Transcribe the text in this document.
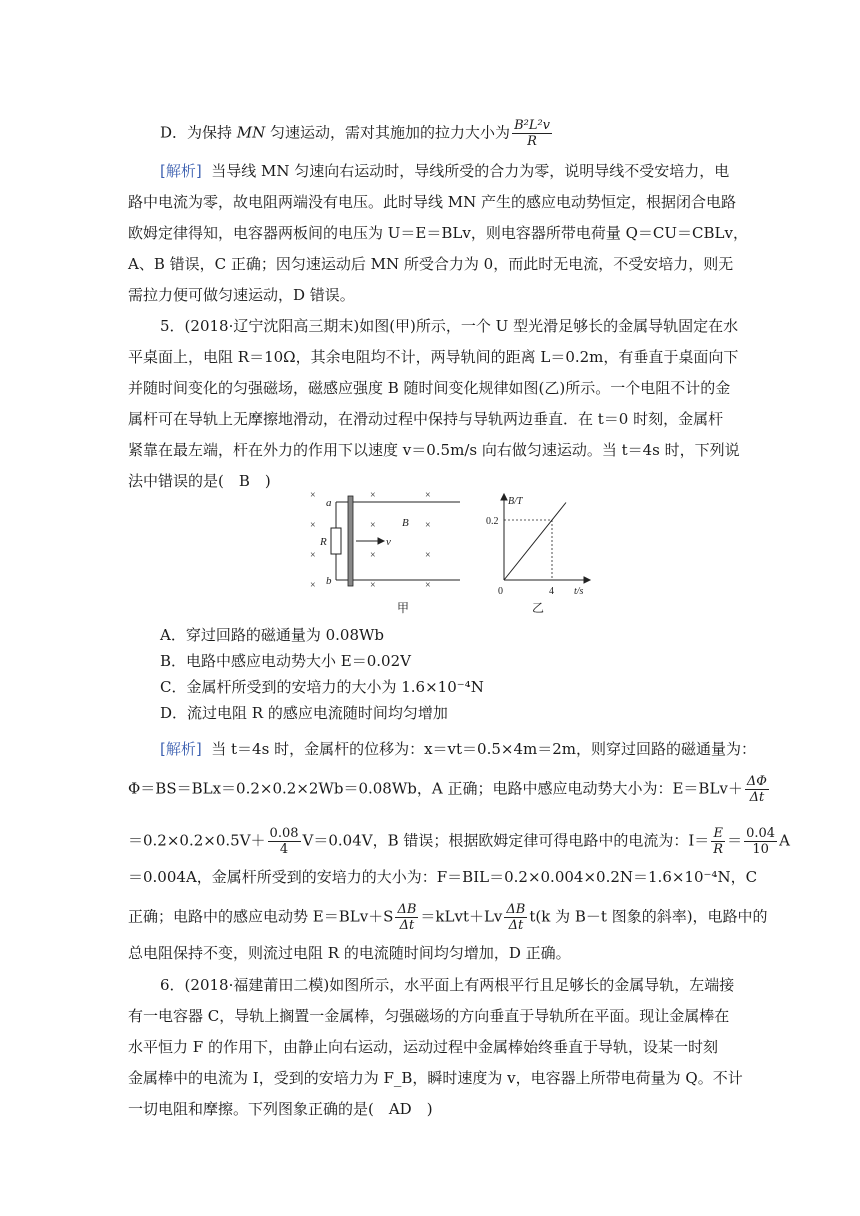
D．为保持 MN 匀速运动，需对其施加的拉力大小为 $\frac{\text{B²L²v}}{R}$
[解析] 当导线 MN 匀速向右运动时，导线所受的合力为零，说明导线不受安培力，电
路中电流为零，故电阻两端没有电压。此时导线 MN 产生的感应电动势恒定，根据闭合电路
欧姆定律得知，电容器两板间的电压为 U＝E＝BLv，则电容器所带电荷量 Q＝CU＝CBLv，
A、B 错误，C 正确；因匀速运动后 MN 所受合力为 0，而此时无电流，不受安培力，则无
需拉力便可做匀速运动，D 错误。
5．(2018·辽宁沈阳高三期末)如图(甲)所示，一个 U 型光滑足够长的金属导轨固定在水
平桌面上，电阻 R＝10Ω，其余电阻均不计，两导轨间的距离 L＝0.2m，有垂直于桌面向下
并随时间变化的匀强磁场，磁感应强度 B 随时间变化规律如图(乙)所示。一个电阻不计的金
属杆可在导轨上无摩擦地滑动，在滑动过程中保持与导轨两边垂直．在 t＝0 时刻，金属杆
紧靠在最左端，杆在外力的作用下以速度 v＝0.5m/s 向右做匀速运动。当 t＝4s 时，下列说
法中错误的是(　B　)
×	×	×
×	×	×
×	×	×
×	×	×
a
b
R	v
B
甲
B/T
t/s
0.2
4
0
乙
A．穿过回路的磁通量为 0.08Wb
B．电路中感应电动势大小 E＝0.02V
C．金属杆所受到的安培力的大小为 1.6×10⁻⁴N
D．流过电阻 R 的感应电流随时间均匀增加
[解析] 当 t＝4s 时，金属杆的位移为：x＝vt＝0.5×4m＝2m，则穿过回路的磁通量为：
Φ＝BS＝BLx＝0.2×0.2×2Wb＝0.08Wb，A 正确；电路中感应电动势大小为：$E=BLv+ \frac{\Delta\Phi}{\Delta t}$
$=0.2\times 0.2\times 0.5V+ \frac{0.08}{4} V=0.04V$，B 错误；根据欧姆定律可得电路中的电流为：$I= \frac{E}{R} = \frac{0.04}{10}$ A
＝0.004A，金属杆所受到的安培力的大小为：F＝BIL＝0.2×0.004×0.2N＝1.6×10⁻⁴N，C
正确；电路中的感应电动势 $E=BLv+S \frac{\Delta B}{\Delta t}$ ＝kLvt＋Lv $\frac{\Delta B}{\Delta t} t(k$ 为 B－t 图象的斜率)，电路中的
总电阻保持不变，则流过电阻 R 的电流随时间均匀增加，D 正确。
6．(2018·福建莆田二模)如图所示，水平面上有两根平行且足够长的金属导轨，左端接
有一电容器 C，导轨上搁置一金属棒，匀强磁场的方向垂直于导轨所在平面。现让金属棒在
水平恒力 F 的作用下，由静止向右运动，运动过程中金属棒始终垂直于导轨，设某一时刻
金属棒中的电流为 I，受到的安培力为 F_B，瞬时速度为 v，电容器上所带电荷量为 Q。不计
一切电阻和摩擦。下列图象正确的是(　AD　)
